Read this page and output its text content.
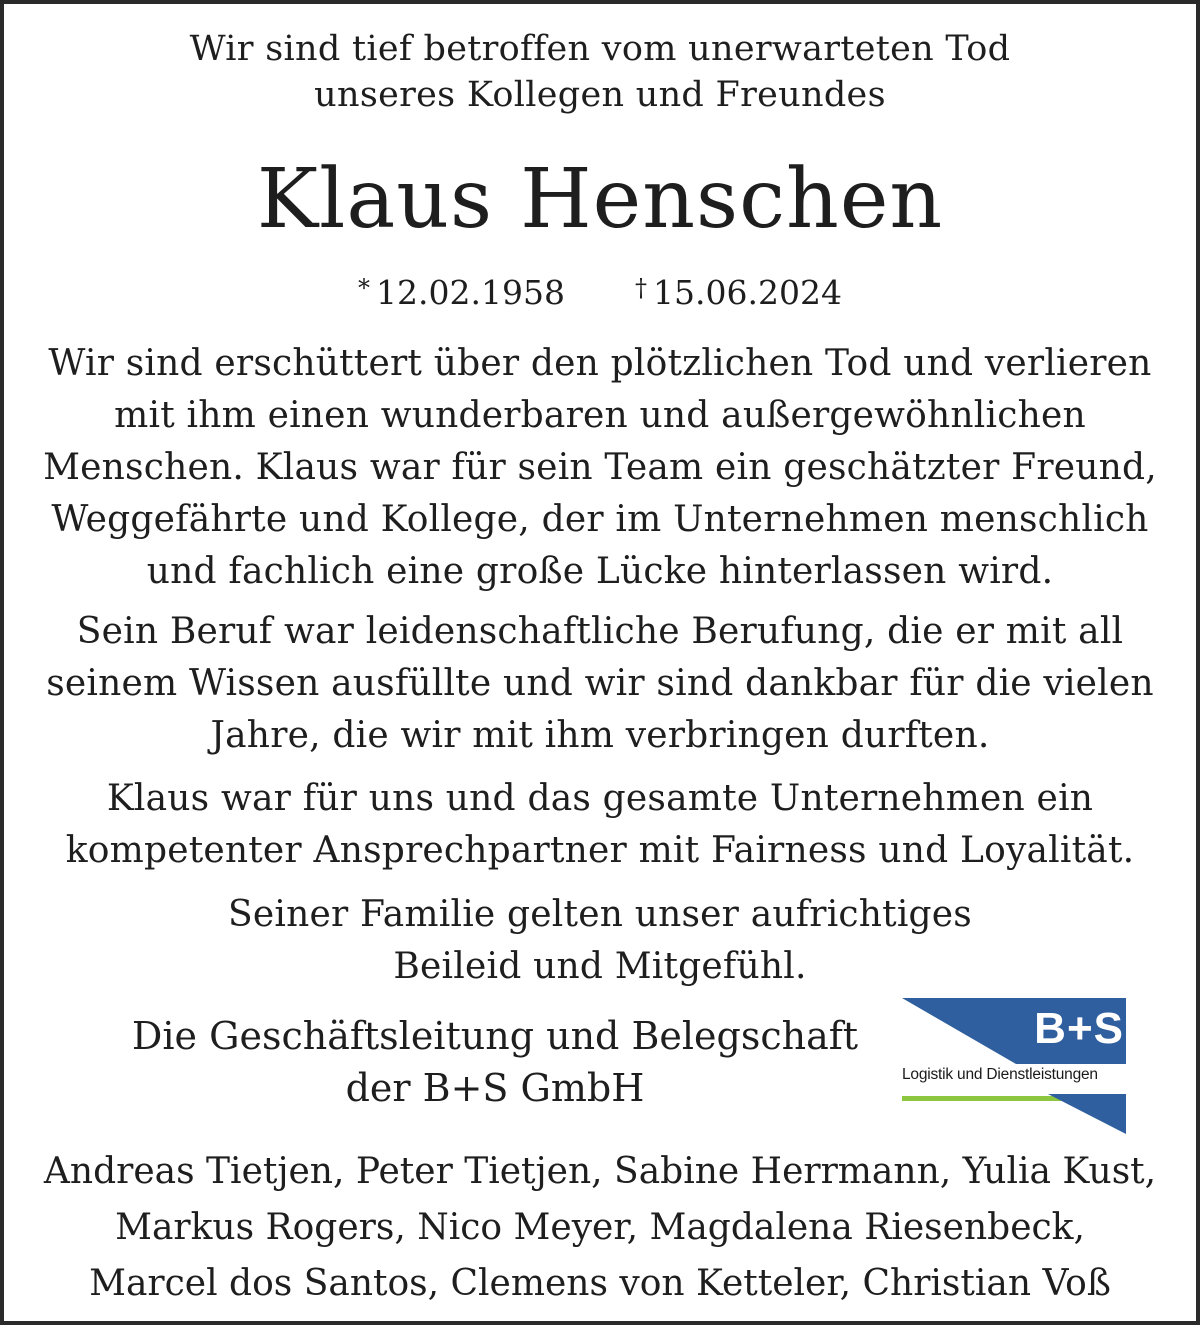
Wir sind tief betroffen vom unerwarteten Tod
unseres Kollegen und Freundes
Klaus Henschen
* 12.02.1958	† 15.06.2024
Wir sind erschüttert über den plötzlichen Tod und verlieren
mit ihm einen wunderbaren und außergewöhnlichen
Menschen. Klaus war für sein Team ein geschätzter Freund,
Weggefährte und Kollege, der im Unternehmen menschlich
und fachlich eine große Lücke hinterlassen wird.
Sein Beruf war leidenschaftliche Berufung, die er mit all
seinem Wissen ausfüllte und wir sind dankbar für die vielen
Jahre, die wir mit ihm verbringen durften.
Klaus war für uns und das gesamte Unternehmen ein
kompetenter Ansprechpartner mit Fairness und Loyalität.
Seiner Familie gelten unser aufrichtiges
Beileid und Mitgefühl.
Die Geschäftsleitung und Belegschaft
der B+S GmbH
B+S
Logistik und Dienstleistungen
Andreas Tietjen, Peter Tietjen, Sabine Herrmann, Yulia Kust,
Markus Rogers, Nico Meyer, Magdalena Riesenbeck,
Marcel dos Santos, Clemens von Ketteler, Christian Voß
